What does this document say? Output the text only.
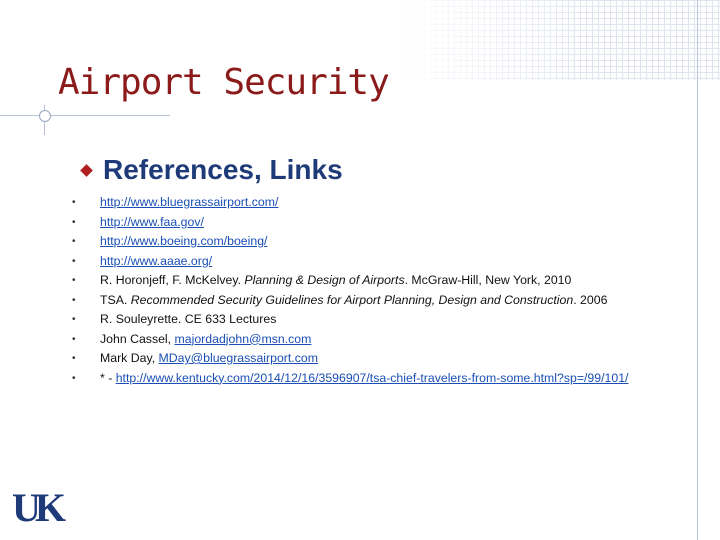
Airport Security
References, Links
• http://www.bluegrassairport.com/
• http://www.faa.gov/
• http://www.boeing.com/boeing/
• http://www.aaae.org/
• R. Horonjeff, F. McKelvey. Planning & Design of Airports. McGraw-Hill, New York, 2010
• TSA. Recommended Security Guidelines for Airport Planning, Design and Construction. 2006
• R. Souleyrette. CE 633 Lectures
• John Cassel, majordadjohn@msn.com
• Mark Day, MDay@bluegrassairport.com
• * - http://www.kentucky.com/2014/12/16/3596907/tsa-chief-travelers-from-some.html?sp=/99/101/
UK
